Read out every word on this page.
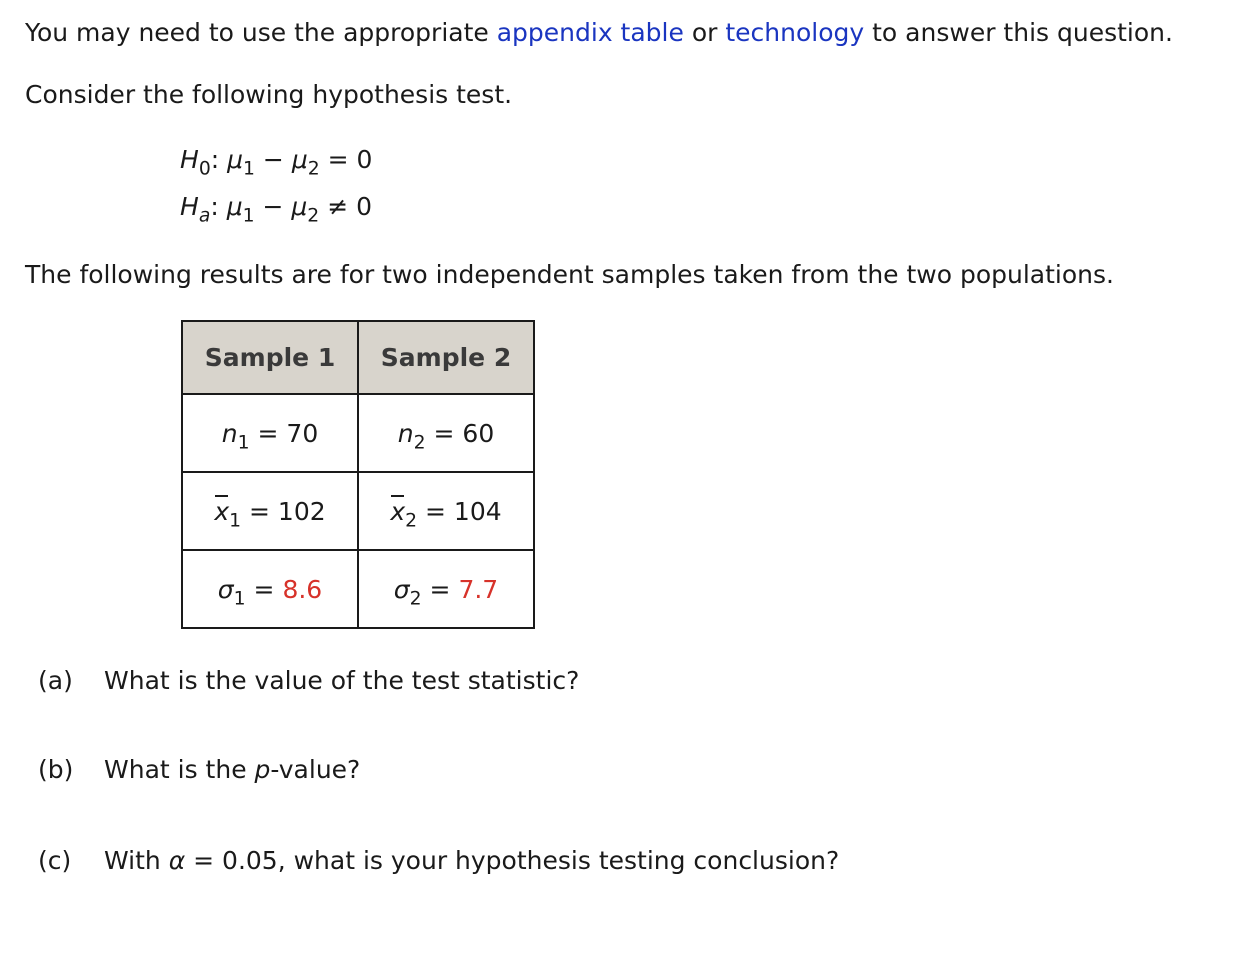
You may need to use the appropriate appendix table or technology to answer this question.
Consider the following hypothesis test.
$H_0$: $\mu_1 - \mu_2 = 0$
$H_a$: $\mu_1 - \mu_2 \ne 0$
The following results are for two independent samples taken from the two populations.
Sample 1	Sample 2
$n_1 = 70$	$n_2 = 60$
$x_1 = 102$	$x_2 = 104$
$\sigma_1 = 8.6$	$\sigma_2 = 7.7$
(a) What is the value of the test statistic?
(b) What is the p-value?
(c) With α = 0.05, what is your hypothesis testing conclusion?
